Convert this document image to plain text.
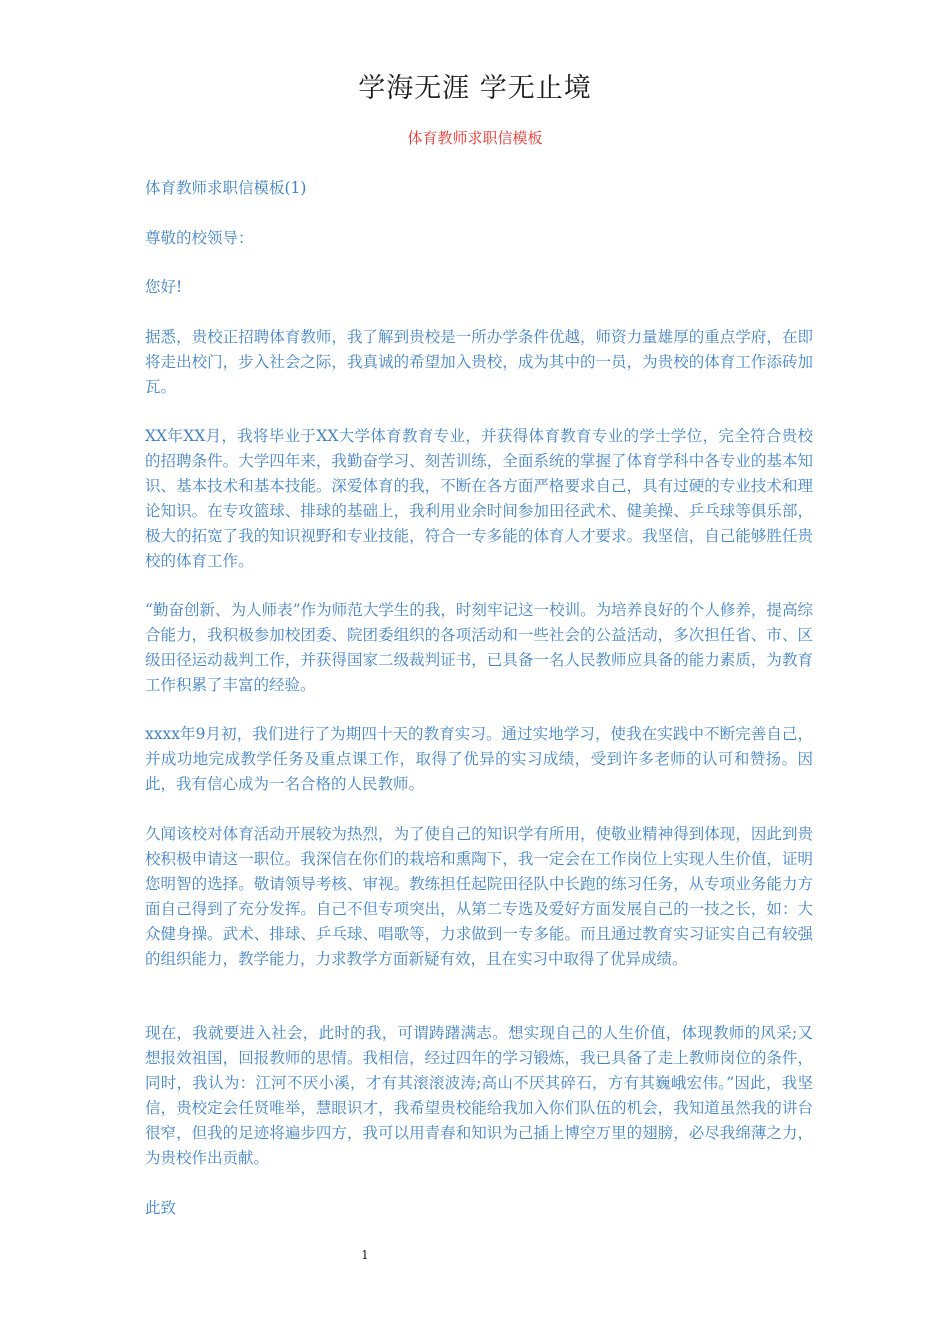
学海无涯 学无止境
体育教师求职信模板
体育教师求职信模板(1)
尊敬的校领导：
您好!
据悉，贵校正招聘体育教师，我了解到贵校是一所办学条件优越，师资力量雄厚的重点学府，在即将走出校门，步入社会之际，我真诚的希望加入贵校，成为其中的一员，为贵校的体育工作添砖加瓦。
XX年XX月，我将毕业于XX大学体育教育专业，并获得体育教育专业的学士学位，完全符合贵校的招聘条件。大学四年来，我勤奋学习、刻苦训练，全面系统的掌握了体育学科中各专业的基本知识、基本技术和基本技能。深爱体育的我，不断在各方面严格要求自己，具有过硬的专业技术和理论知识。在专攻篮球、排球的基础上，我利用业余时间参加田径武术、健美操、乒乓球等俱乐部，极大的拓宽了我的知识视野和专业技能，符合一专多能的体育人才要求。我坚信，自己能够胜任贵校的体育工作。
“勤奋创新、为人师表”作为师范大学生的我，时刻牢记这一校训。为培养良好的个人修养，提高综合能力，我积极参加校团委、院团委组织的各项活动和一些社会的公益活动，多次担任省、市、区级田径运动裁判工作，并获得国家二级裁判证书，已具备一名人民教师应具备的能力素质，为教育工作积累了丰富的经验。
xxxx年9月初，我们进行了为期四十天的教育实习。通过实地学习，使我在实践中不断完善自己，并成功地完成教学任务及重点课工作，取得了优异的实习成绩，受到许多老师的认可和赞扬。因此，我有信心成为一名合格的人民教师。
久闻该校对体育活动开展较为热烈，为了使自己的知识学有所用，使敬业精神得到体现，因此到贵校积极申请这一职位。我深信在你们的栽培和熏陶下，我一定会在工作岗位上实现人生价值，证明您明智的选择。敬请领导考核、审视。教练担任起院田径队中长跑的练习任务，从专项业务能力方面自己得到了充分发挥。自己不但专项突出，从第二专选及爱好方面发展自己的一技之长，如：大众健身操。武术、排球、乒乓球、唱歌等，力求做到一专多能。而且通过教育实习证实自己有较强的组织能力，教学能力，力求教学方面新疑有效，且在实习中取得了优异成绩。
现在，我就要进入社会，此时的我，可谓踌躇满志。想实现自己的人生价值，体现教师的风采;又想报效祖国，回报教师的思情。我相信，经过四年的学习锻炼，我已具备了走上教师岗位的条件，同时，我认为：江河不厌小溪，才有其滚滚波涛;高山不厌其碎石，方有其巍峨宏伟。”因此，我坚信，贵校定会任贤唯举，慧眼识才，我希望贵校能给我加入你们队伍的机会，我知道虽然我的讲台很窄，但我的足迹将遍步四方，我可以用青春和知识为己插上博空万里的翅膀，必尽我绵薄之力，为贵校作出贡献。
此致
1
